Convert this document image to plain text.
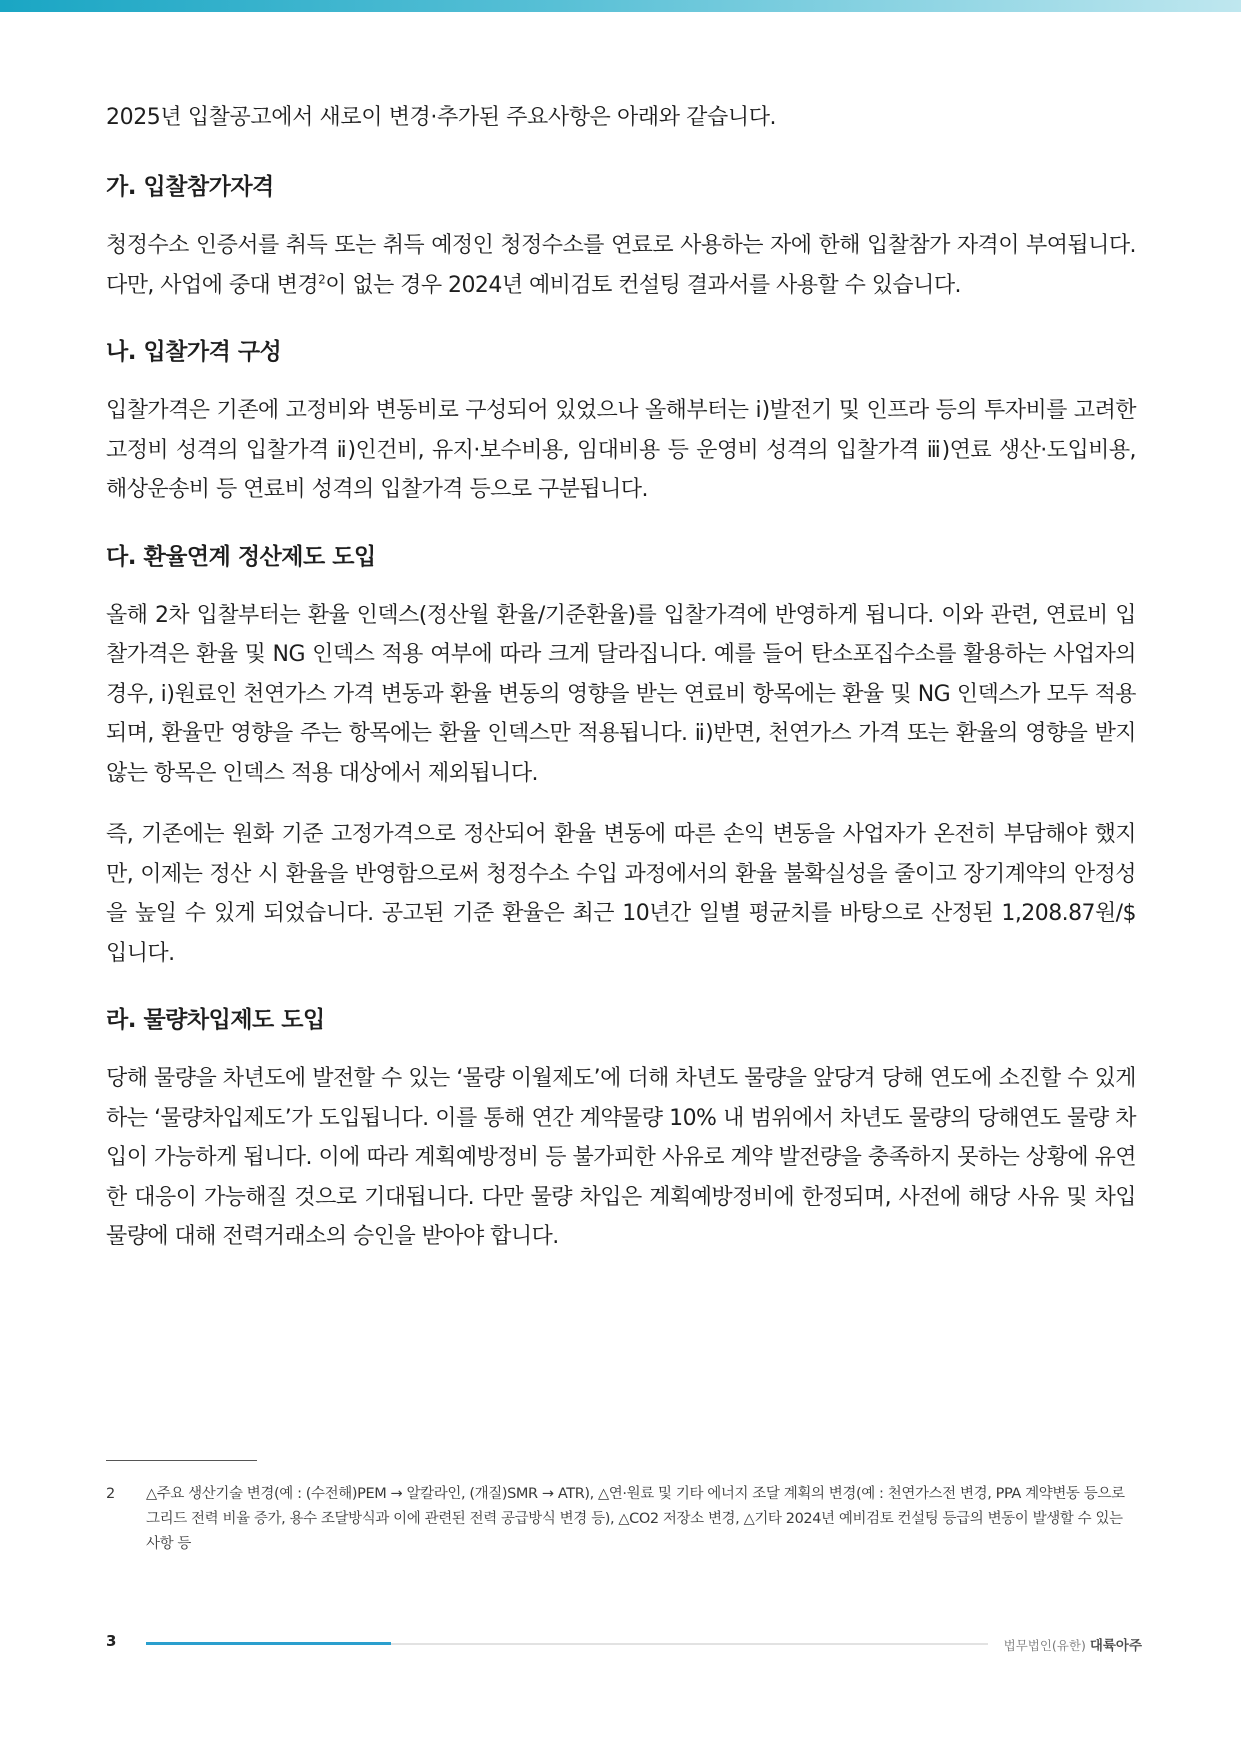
2025년 입찰공고에서 새로이 변경·추가된 주요사항은 아래와 같습니다.

가. 입찰참가자격

청정수소 인증서를 취득 또는 취득 예정인 청정수소를 연료로 사용하는 자에 한해 입찰참가 자격이 부여됩니다. 다만, 사업에 중대 변경$^2$이 없는 경우 2024년 예비검토 컨설팅 결과서를 사용할 수 있습니다.

나. 입찰가격 구성

입찰가격은 기존에 고정비와 변동비로 구성되어 있었으나 올해부터는 ⅰ)발전기 및 인프라 등의 투자비를 고려한 고정비 성격의 입찰가격 ⅱ)인건비, 유지·보수비용, 임대비용 등 운영비 성격의 입찰가격 ⅲ)연료 생산·도입비용, 해상운송비 등 연료비 성격의 입찰가격 등으로 구분됩니다.

다. 환율연계 정산제도 도입

올해 2차 입찰부터는 환율 인덱스(정산월 환율/기준환율)를 입찰가격에 반영하게 됩니다. 이와 관련, 연료비 입찰가격은 환율 및 NG 인덱스 적용 여부에 따라 크게 달라집니다. 예를 들어 탄소포집수소를 활용하는 사업자의 경우, ⅰ)원료인 천연가스 가격 변동과 환율 변동의 영향을 받는 연료비 항목에는 환율 및 NG 인덱스가 모두 적용되며, 환율만 영향을 주는 항목에는 환율 인덱스만 적용됩니다. ⅱ)반면, 천연가스 가격 또는 환율의 영향을 받지 않는 항목은 인덱스 적용 대상에서 제외됩니다.

즉, 기존에는 원화 기준 고정가격으로 정산되어 환율 변동에 따른 손익 변동을 사업자가 온전히 부담해야 했지만, 이제는 정산 시 환율을 반영함으로써 청정수소 수입 과정에서의 환율 불확실성을 줄이고 장기계약의 안정성을 높일 수 있게 되었습니다. 공고된 기준 환율은 최근 10년간 일별 평균치를 바탕으로 산정된 1,208.87원/$ 입니다.

라. 물량차입제도 도입

당해 물량을 차년도에 발전할 수 있는 ‘물량 이월제도’에 더해 차년도 물량을 앞당겨 당해 연도에 소진할 수 있게 하는 ‘물량차입제도’가 도입됩니다. 이를 통해 연간 계약물량 10% 내 범위에서 차년도 물량의 당해연도 물량 차입이 가능하게 됩니다. 이에 따라 계획예방정비 등 불가피한 사유로 계약 발전량을 충족하지 못하는 상황에 유연한 대응이 가능해질 것으로 기대됩니다. 다만 물량 차입은 계획예방정비에 한정되며, 사전에 해당 사유 및 차입 물량에 대해 전력거래소의 승인을 받아야 합니다.

2	△주요 생산기술 변경(예 : (수전해)PEM → 알칼라인, (개질)SMR → ATR), △연·원료 및 기타 에너지 조달 계획의 변경(예 : 천연가스전 변경, PPA 계약변동 등으로 그리드 전력 비율 증가, 용수 조달방식과 이에 관련된 전력 공급방식 변경 등), △CO2 저장소 변경, △기타 2024년 예비검토 컨설팅 등급의 변동이 발생할 수 있는 사항 등
3	법무법인(유한) 대륙아주
